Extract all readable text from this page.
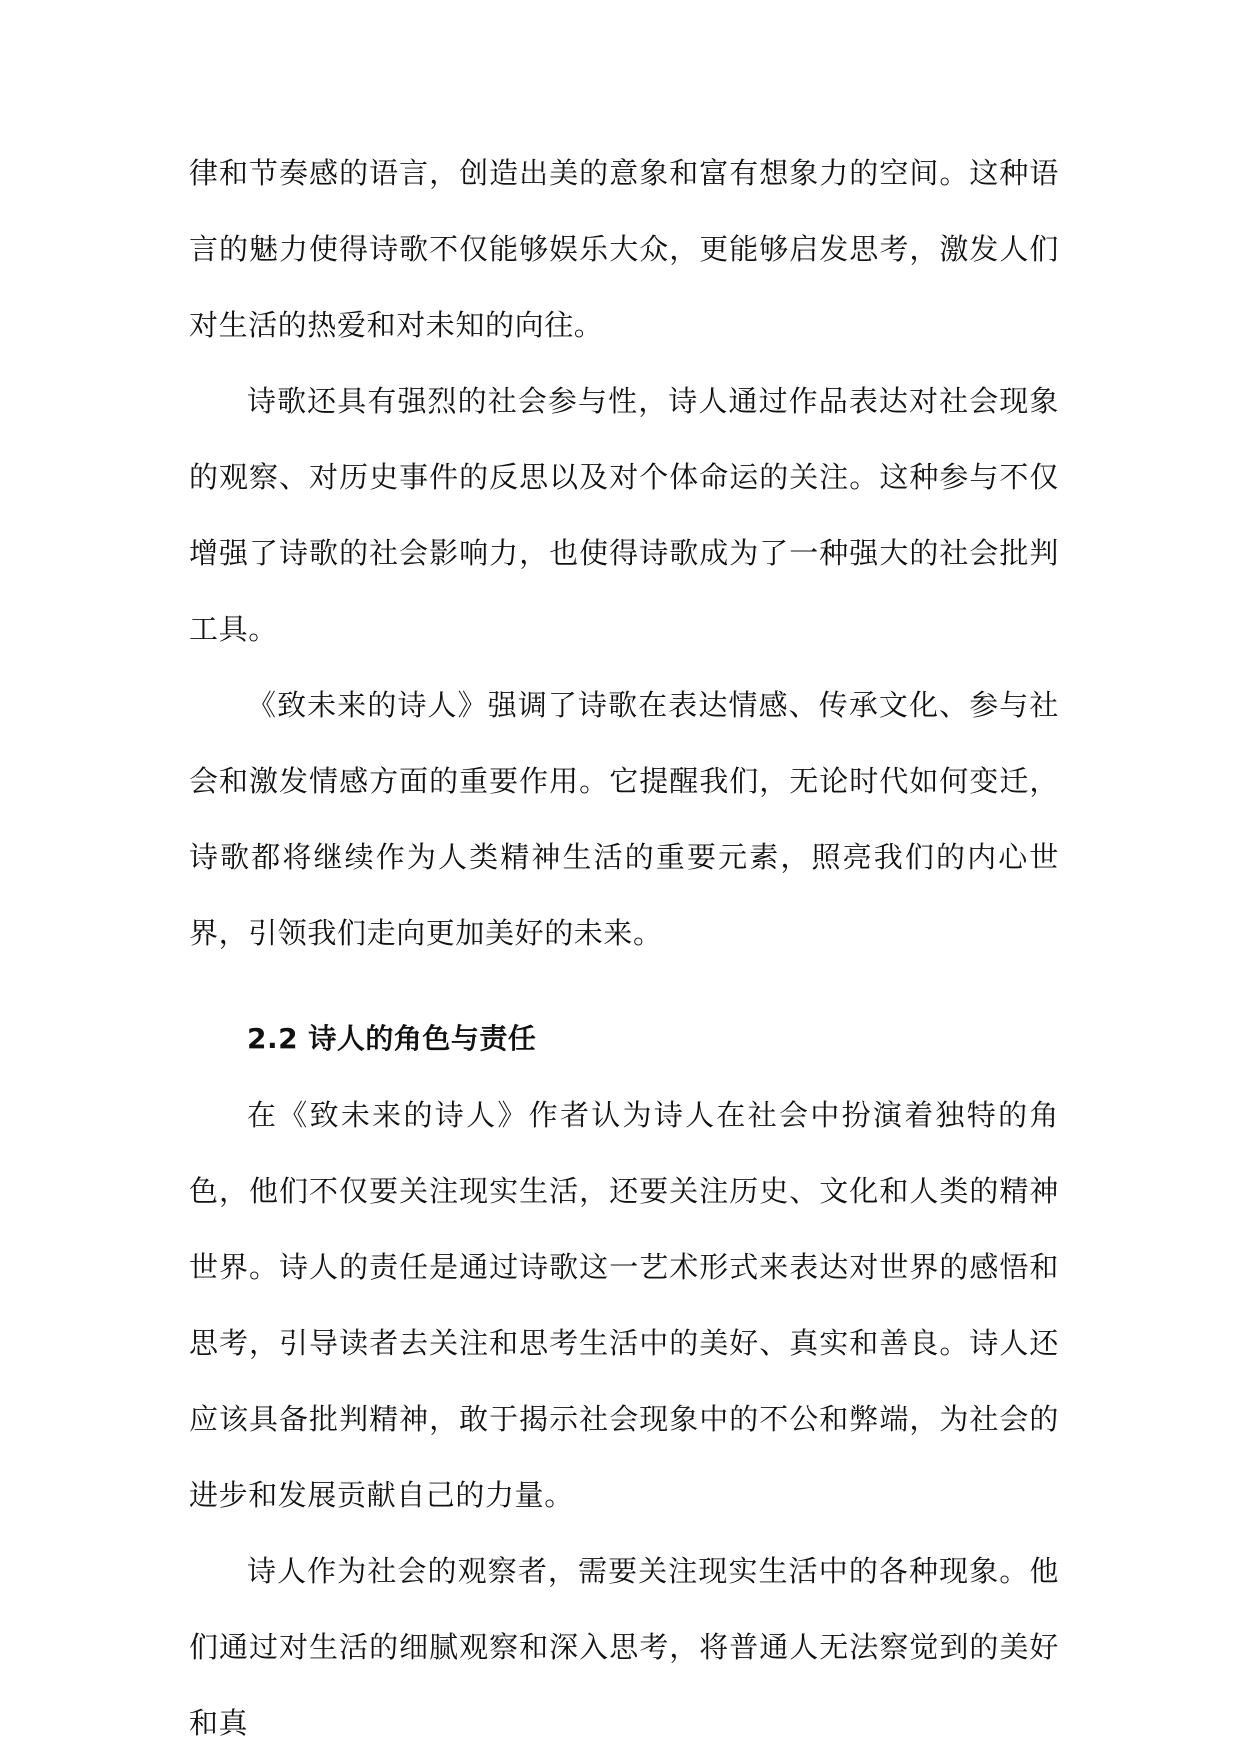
律和节奏感的语言，创造出美的意象和富有想象力的空间。这种语言的魅力使得诗歌不仅能够娱乐大众，更能够启发思考，激发人们对生活的热爱和对未知的向往。

诗歌还具有强烈的社会参与性，诗人通过作品表达对社会现象的观察、对历史事件的反思以及对个体命运的关注。这种参与不仅增强了诗歌的社会影响力，也使得诗歌成为了一种强大的社会批判工具。

《致未来的诗人》强调了诗歌在表达情感、传承文化、参与社会和激发情感方面的重要作用。它提醒我们，无论时代如何变迁，诗歌都将继续作为人类精神生活的重要元素，照亮我们的内心世界，引领我们走向更加美好的未来。

2.2 诗人的角色与责任

在《致未来的诗人》作者认为诗人在社会中扮演着独特的角色，他们不仅要关注现实生活，还要关注历史、文化和人类的精神世界。诗人的责任是通过诗歌这一艺术形式来表达对世界的感悟和思考，引导读者去关注和思考生活中的美好、真实和善良。诗人还应该具备批判精神，敢于揭示社会现象中的不公和弊端，为社会的进步和发展贡献自己的力量。

诗人作为社会的观察者，需要关注现实生活中的各种现象。他们通过对生活的细腻观察和深入思考，将普通人无法察觉到的美好和真
